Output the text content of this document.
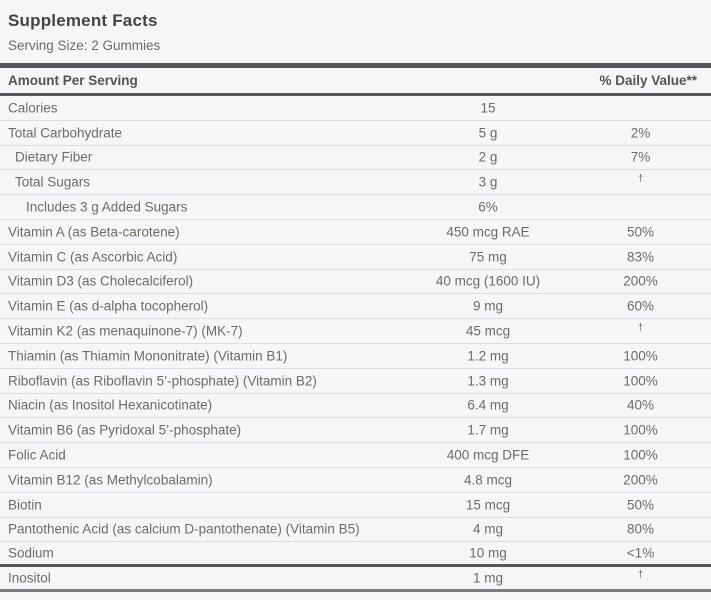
Supplement Facts
Serving Size: 2 Gummies
Amount Per Serving	% Daily Value**
Calories	15
Total Carbohydrate	5 g	2%
Dietary Fiber	2 g	7%
Total Sugars	3 g	†
Includes 3 g Added Sugars	6%
Vitamin A (as Beta-carotene)	450 mcg RAE	50%
Vitamin C (as Ascorbic Acid)	75 mg	83%
Vitamin D3 (as Cholecalciferol)	40 mcg (1600 IU)	200%
Vitamin E (as d-alpha tocopherol)	9 mg	60%
Vitamin K2 (as menaquinone-7) (MK-7)	45 mcg	†
Thiamin (as Thiamin Mononitrate) (Vitamin B1)	1.2 mg	100%
Riboflavin (as Riboflavin 5’-phosphate) (Vitamin B2)	1.3 mg	100%
Niacin (as Inositol Hexanicotinate)	6.4 mg	40%
Vitamin B6 (as Pyridoxal 5’-phosphate)	1.7 mg	100%
Folic Acid	400 mcg DFE	100%
Vitamin B12 (as Methylcobalamin)	4.8 mcg	200%
Biotin	15 mcg	50%
Pantothenic Acid (as calcium D-pantothenate) (Vitamin B5)	4 mg	80%
Sodium	10 mg	<1%
Inositol	1 mg	†
